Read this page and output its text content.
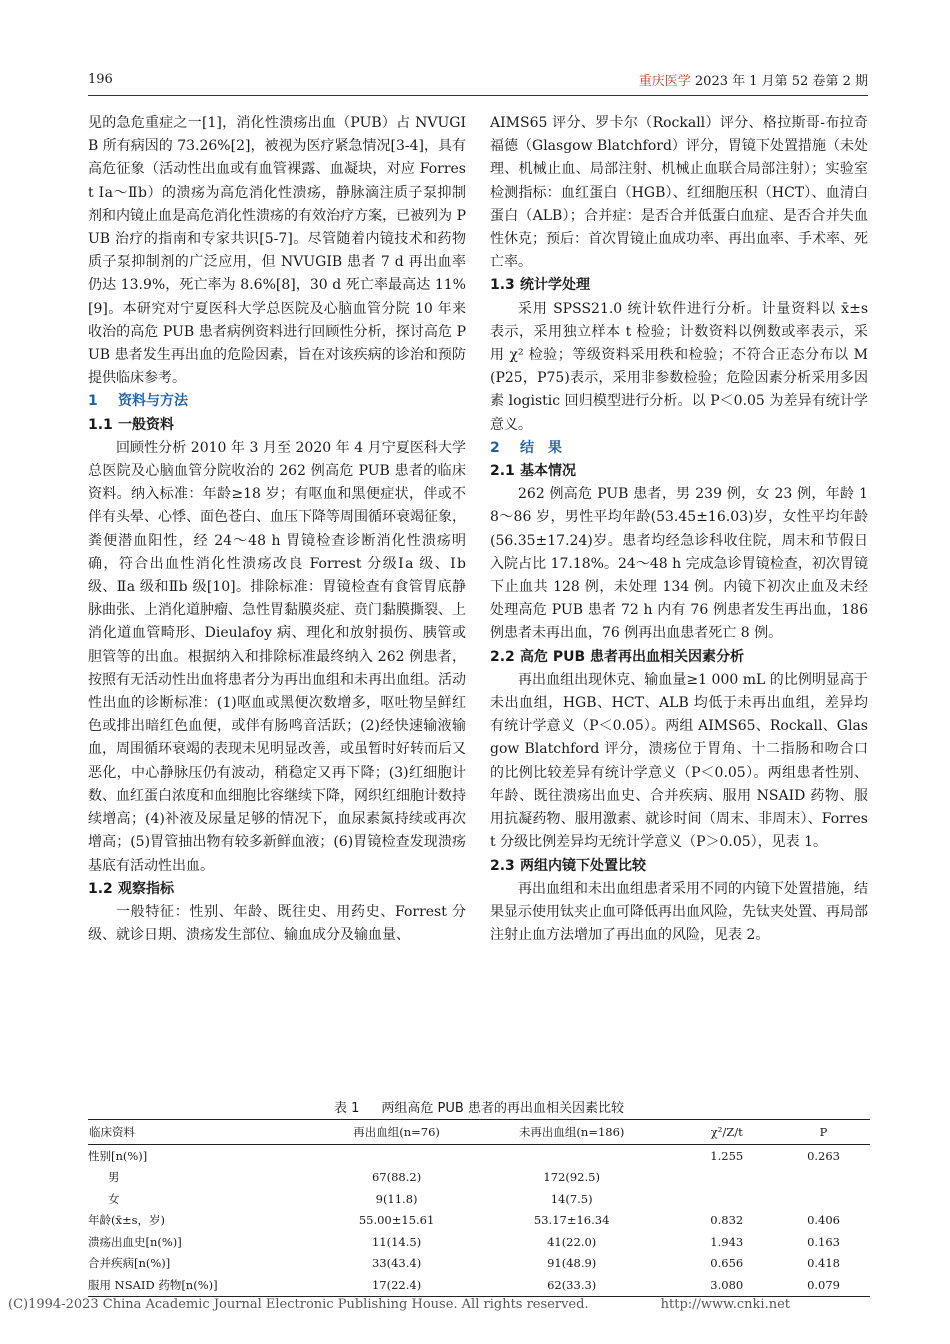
196	重庆医学 2023 年 1 月第 52 卷第 2 期

见的急危重症之一[1]，消化性溃疡出血（PUB）占 NVUGIB 所有病因的 73.26%[2]，被视为医疗紧急情况[3-4]，具有高危征象（活动性出血或有血管裸露、血凝块，对应 Forrest Ⅰa～Ⅱb）的溃疡为高危消化性溃疡，静脉滴注质子泵抑制剂和内镜止血是高危消化性溃疡的有效治疗方案，已被列为 PUB 治疗的指南和专家共识[5-7]。尽管随着内镜技术和药物质子泵抑制剂的广泛应用，但 NVUGIB 患者 7 d 再出血率仍达 13.9%，死亡率为 8.6%[8]，30 d 死亡率最高达 11%[9]。本研究对宁夏医科大学总医院及心脑血管分院 10 年来收治的高危 PUB 患者病例资料进行回顾性分析，探讨高危 PUB 患者发生再出血的危险因素，旨在对该疾病的诊治和预防提供临床参考。

1 资料与方法
1.1 一般资料

回顾性分析 2010 年 3 月至 2020 年 4 月宁夏医科大学总医院及心脑血管分院收治的 262 例高危 PUB 患者的临床资料。纳入标准：年龄≥18 岁；有呕血和黑便症状，伴或不伴有头晕、心悸、面色苍白、血压下降等周围循环衰竭征象，粪便潜血阳性，经 24～48 h 胃镜检查诊断消化性溃疡明确，符合出血性消化性溃疡改良 Forrest 分级Ⅰa 级、Ⅰb 级、Ⅱa 级和Ⅱb 级[10]。排除标准：胃镜检查有食管胃底静脉曲张、上消化道肿瘤、急性胃黏膜炎症、贲门黏膜撕裂、上消化道血管畸形、Dieulafoy 病、理化和放射损伤、胰管或胆管等的出血。根据纳入和排除标准最终纳入 262 例患者，按照有无活动性出血将患者分为再出血组和未再出血组。活动性出血的诊断标准：(1)呕血或黑便次数增多，呕吐物呈鲜红色或排出暗红色血便，或伴有肠鸣音活跃；(2)经快速输液输血，周围循环衰竭的表现未见明显改善，或虽暂时好转而后又恶化，中心静脉压仍有波动，稍稳定又再下降；(3)红细胞计数、血红蛋白浓度和血细胞比容继续下降，网织红细胞计数持续增高；(4)补液及尿量足够的情况下，血尿素氮持续或再次增高；(5)胃管抽出物有较多新鲜血液；(6)胃镜检查发现溃疡基底有活动性出血。

1.2 观察指标

一般特征：性别、年龄、既往史、用药史、Forrest 分级、就诊日期、溃疡发生部位、输血成分及输血量、

AIMS65 评分、罗卡尔（Rockall）评分、格拉斯哥-布拉奇福德（Glasgow Blatchford）评分，胃镜下处置措施（未处理、机械止血、局部注射、机械止血联合局部注射）；实验室检测指标：血红蛋白（HGB）、红细胞压积（HCT）、血清白蛋白（ALB）；合并症：是否合并低蛋白血症、是否合并失血性休克；预后：首次胃镜止血成功率、再出血率、手术率、死亡率。

1.3 统计学处理

采用 SPSS21.0 统计软件进行分析。计量资料以 x̄±s 表示，采用独立样本 t 检验；计数资料以例数或率表示，采用 χ² 检验；等级资料采用秩和检验；不符合正态分布以 M(P25，P75)表示，采用非参数检验；危险因素分析采用多因素 logistic 回归模型进行分析。以 P＜0.05 为差异有统计学意义。

2 结　果
2.1 基本情况

262 例高危 PUB 患者，男 239 例，女 23 例，年龄 18～86 岁，男性平均年龄(53.45±16.03)岁，女性平均年龄(56.35±17.24)岁。患者均经急诊科收住院，周末和节假日入院占比 17.18%。24～48 h 完成急诊胃镜检查，初次胃镜下止血共 128 例，未处理 134 例。内镜下初次止血及未经处理高危 PUB 患者 72 h 内有 76 例患者发生再出血，186 例患者未再出血，76 例再出血患者死亡 8 例。

2.2 高危 PUB 患者再出血相关因素分析

再出血组出现休克、输血量≥1 000 mL 的比例明显高于未出血组，HGB、HCT、ALB 均低于未再出血组，差异均有统计学意义（P＜0.05）。两组 AIMS65、Rockall、Glasgow Blatchford 评分，溃疡位于胃角、十二指肠和吻合口的比例比较差异有统计学意义（P＜0.05）。两组患者性别、年龄、既往溃疡出血史、合并疾病、服用 NSAID 药物、服用抗凝药物、服用激素、就诊时间（周末、非周末）、Forrest 分级比例差异均无统计学意义（P＞0.05），见表 1。

2.3 两组内镜下处置比较

再出血组和未出血组患者采用不同的内镜下处置措施，结果显示使用钛夹止血可降低再出血风险，先钛夹处置、再局部注射止血方法增加了再出血的风险，见表 2。

表 1 两组高危 PUB 患者的再出血相关因素比较
临床资料	再出血组(n=76)	未再出血组(n=186)	χ²/Z/t	P
性别[n(%)]			1.255	0.263
男	67(88.2)	172(92.5)		
女	9(11.8)	14(7.5)		
年龄(x̄±s，岁)	55.00±15.61	53.17±16.34	0.832	0.406
溃疡出血史[n(%)]	11(14.5)	41(22.0)	1.943	0.163
合并疾病[n(%)]	33(43.4)	91(48.9)	0.656	0.418
服用 NSAID 药物[n(%)]	17(22.4)	62(33.3)	3.080	0.079
(C)1994-2023 China Academic Journal Electronic Publishing House. All rights reserved.	http://www.cnki.net
